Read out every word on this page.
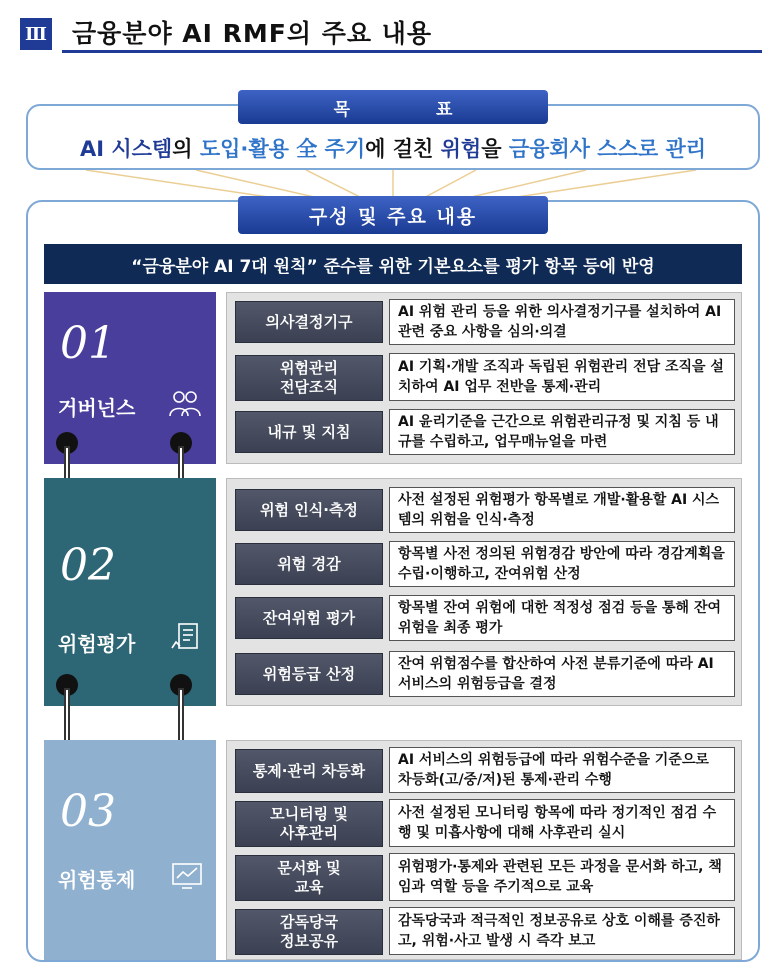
Ⅲ 금융분야 AI RMF의 주요 내용
목 표
AI 시스템의 도입·활용 全 주기에 걸친 위험을 금융회사 스스로 관리
구성 및 주요 내용
“금융분야 AI 7대 원칙” 준수를 위한 기본요소를 평가 항목 등에 반영
01
거버넌스
의사결정기구
AI 위험 관리 등을 위한 의사결정기구를 설치하여 AI 관련 중요 사항을 심의·의결
위험관리
전담조직
AI 기획·개발 조직과 독립된 위험관리 전담 조직을 설치하여 AI 업무 전반을 통제·관리
내규 및 지침
AI 윤리기준을 근간으로 위험관리규정 및 지침 등 내규를 수립하고, 업무매뉴얼을 마련
02
위험평가
위험 인식·측정
사전 설정된 위험평가 항목별로 개발·활용할 AI 시스템의 위험을 인식·측정
위험 경감
항목별 사전 정의된 위험경감 방안에 따라 경감계획을 수립·이행하고, 잔여위험 산정
잔여위험 평가
항목별 잔여 위험에 대한 적정성 점검 등을 통해 잔여위험을 최종 평가
위험등급 산정
잔여 위험점수를 합산하여 사전 분류기준에 따라 AI 서비스의 위험등급을 결정
03
위험통제
통제·관리 차등화
AI 서비스의 위험등급에 따라 위험수준을 기준으로 차등화(고/중/저)된 통제·관리 수행
모니터링 및
사후관리
사전 설정된 모니터링 항목에 따라 정기적인 점검 수행 및 미흡사항에 대해 사후관리 실시
문서화 및
교육
위험평가·통제와 관련된 모든 과정을 문서화 하고, 책임과 역할 등을 주기적으로 교육
감독당국
정보공유
감독당국과 적극적인 정보공유로 상호 이해를 증진하고, 위험·사고 발생 시 즉각 보고
